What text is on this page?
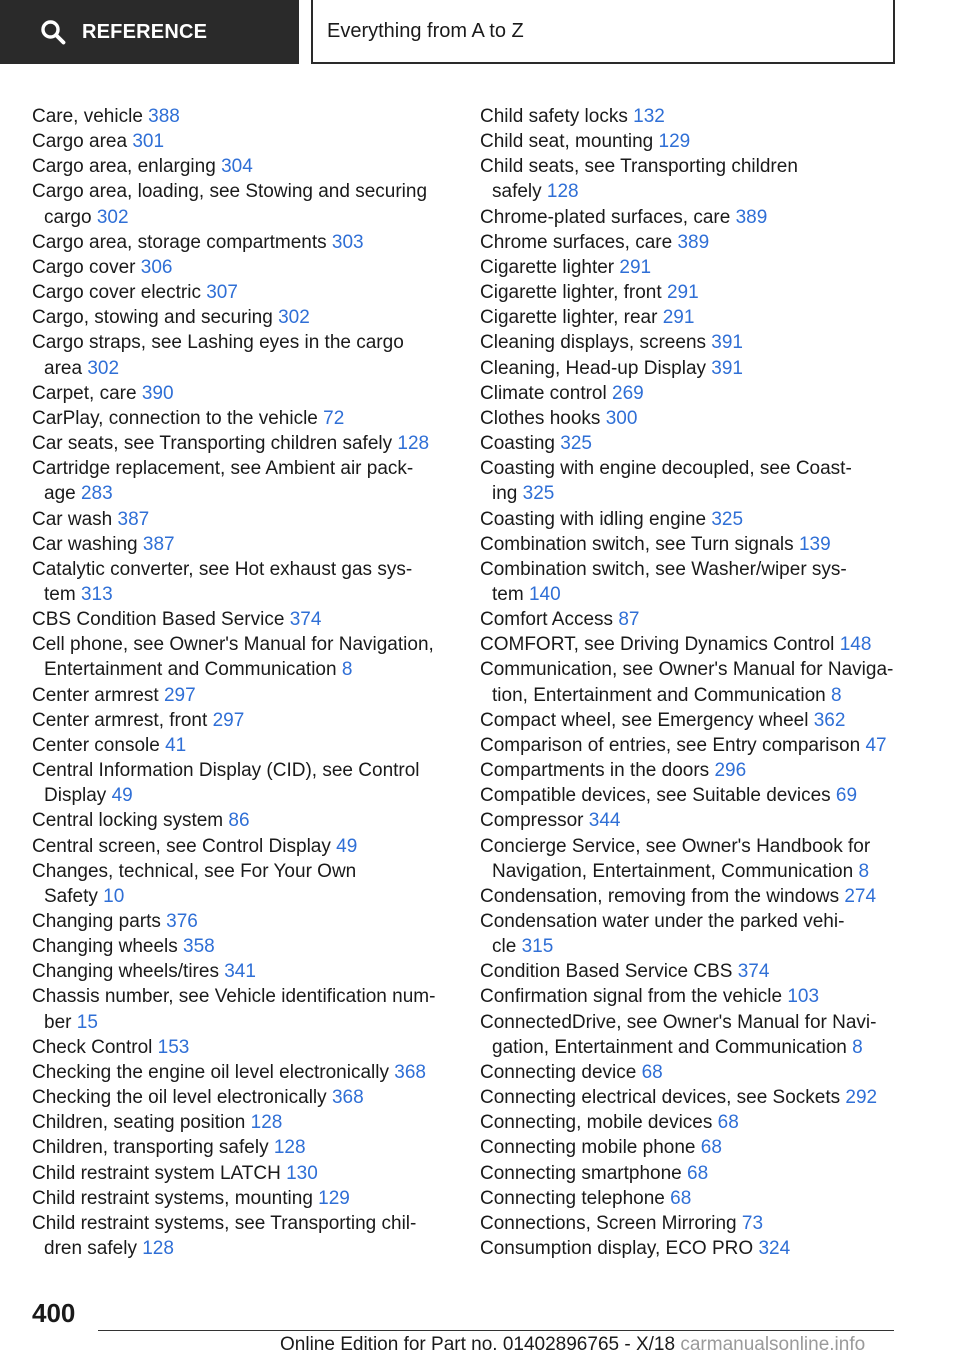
REFERENCE	Everything from A to Z
Care, vehicle 388
Cargo area 301
Cargo area, enlarging 304
Cargo area, loading, see Stowing and securing
cargo 302
Cargo area, storage compartments 303
Cargo cover 306
Cargo cover electric 307
Cargo, stowing and securing 302
Cargo straps, see Lashing eyes in the cargo
area 302
Carpet, care 390
CarPlay, connection to the vehicle 72
Car seats, see Transporting children safely 128
Cartridge replacement, see Ambient air pack-
age 283
Car wash 387
Car washing 387
Catalytic converter, see Hot exhaust gas sys-
tem 313
CBS Condition Based Service 374
Cell phone, see Owner's Manual for Navigation,
Entertainment and Communication 8
Center armrest 297
Center armrest, front 297
Center console 41
Central Information Display (CID), see Control
Display 49
Central locking system 86
Central screen, see Control Display 49
Changes, technical, see For Your Own
Safety 10
Changing parts 376
Changing wheels 358
Changing wheels/tires 341
Chassis number, see Vehicle identification num-
ber 15
Check Control 153
Checking the engine oil level electronically 368
Checking the oil level electronically 368
Children, seating position 128
Children, transporting safely 128
Child restraint system LATCH 130
Child restraint systems, mounting 129
Child restraint systems, see Transporting chil-
dren safely 128
Child safety locks 132
Child seat, mounting 129
Child seats, see Transporting children
safely 128
Chrome-plated surfaces, care 389
Chrome surfaces, care 389
Cigarette lighter 291
Cigarette lighter, front 291
Cigarette lighter, rear 291
Cleaning displays, screens 391
Cleaning, Head-up Display 391
Climate control 269
Clothes hooks 300
Coasting 325
Coasting with engine decoupled, see Coast-
ing 325
Coasting with idling engine 325
Combination switch, see Turn signals 139
Combination switch, see Washer/wiper sys-
tem 140
Comfort Access 87
COMFORT, see Driving Dynamics Control 148
Communication, see Owner's Manual for Naviga-
tion, Entertainment and Communication 8
Compact wheel, see Emergency wheel 362
Comparison of entries, see Entry comparison 47
Compartments in the doors 296
Compatible devices, see Suitable devices 69
Compressor 344
Concierge Service, see Owner's Handbook for
Navigation, Entertainment, Communication 8
Condensation, removing from the windows 274
Condensation water under the parked vehi-
cle 315
Condition Based Service CBS 374
Confirmation signal from the vehicle 103
ConnectedDrive, see Owner's Manual for Navi-
gation, Entertainment and Communication 8
Connecting device 68
Connecting electrical devices, see Sockets 292
Connecting, mobile devices 68
Connecting mobile phone 68
Connecting smartphone 68
Connecting telephone 68
Connections, Screen Mirroring 73
Consumption display, ECO PRO 324
400
Online Edition for Part no. 01402896765 - X/18 carmanualsonline.info
